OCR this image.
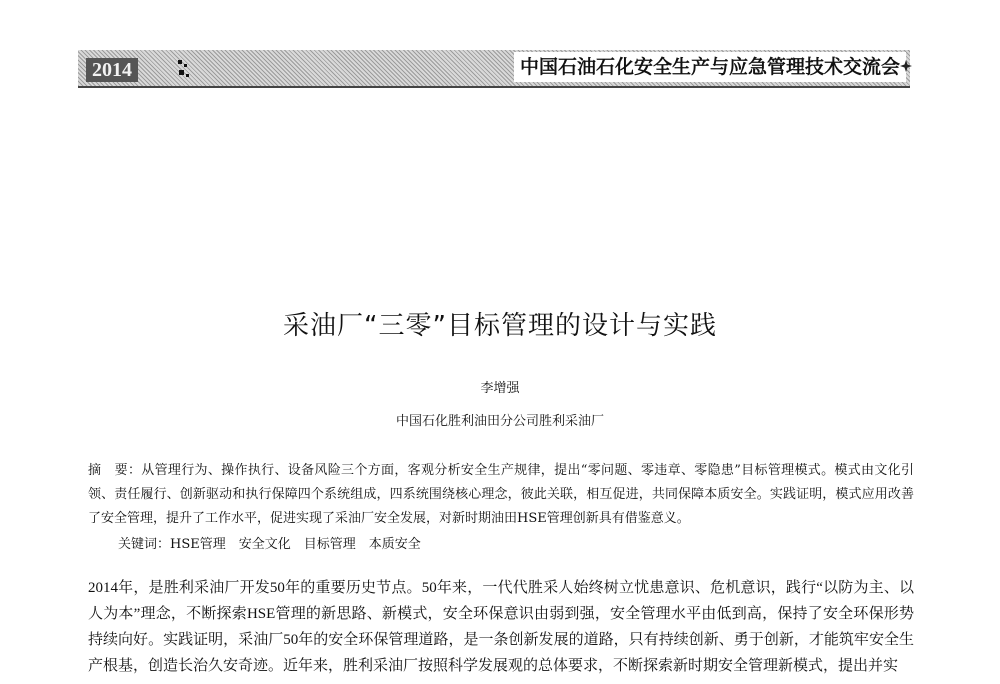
2014	中国石油石化安全生产与应急管理技术交流会
采油厂“三零”目标管理的设计与实践
李增强
中国石化胜利油田分公司胜利采油厂

摘　要：从管理行为、操作执行、设备风险三个方面，客观分析安全生产规律，提出“零问题、零违章、零隐患”目标管理模式。模式由文化引领、责任履行、创新驱动和执行保障四个系统组成，四系统围绕核心理念，彼此关联，相互促进，共同保障本质安全。实践证明，模式应用改善了安全管理，提升了工作水平，促进实现了采油厂安全发展，对新时期油田HSE管理创新具有借鉴意义。

关键词：HSE管理　安全文化　目标管理　本质安全

2014年，是胜利采油厂开发50年的重要历史节点。50年来，一代代胜采人始终树立忧患意识、危机意识，践行“以防为主、以人为本”理念，不断探索HSE管理的新思路、新模式，安全环保意识由弱到强，安全管理水平由低到高，保持了安全环保形势持续向好。实践证明，采油厂50年的安全环保管理道路，是一条创新发展的道路，只有持续创新、勇于创新，才能筑牢安全生产根基，创造长治久安奇迹。近年来，胜利采油厂按照科学发展观的总体要求，不断探索新时期安全管理新模式，提出并实
